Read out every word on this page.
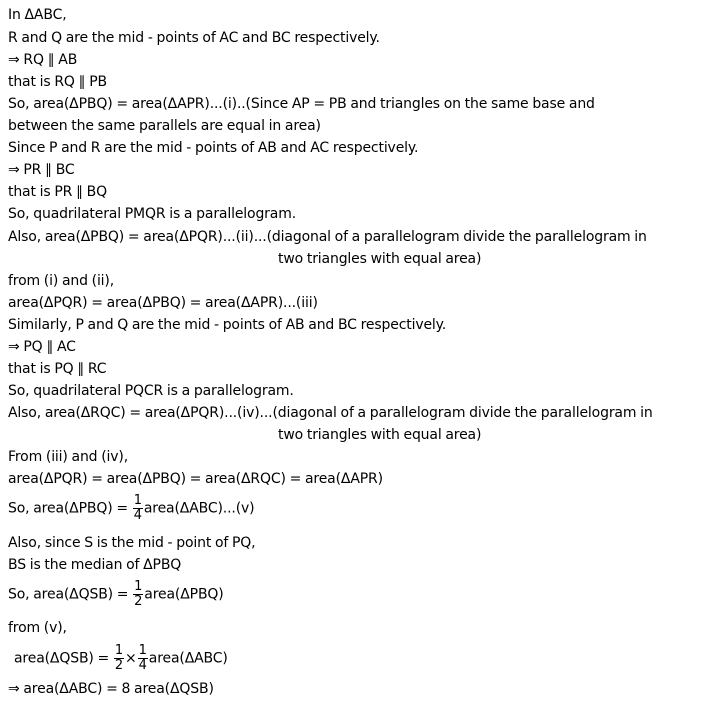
In ΔABC,
R and Q are the mid - points of AC and BC respectively.
⇒ RQ ∥ AB
that is RQ ∥ PB
So, area(ΔPBQ) = area(ΔAPR)...(i)..(Since AP = PB and triangles on the same base and
between the same parallels are equal in area)
Since P and R are the mid - points of AB and AC respectively.
⇒ PR ∥ BC
that is PR ∥ BQ
So, quadrilateral PMQR is a parallelogram.
Also, area(ΔPBQ) = area(ΔPQR)...(ii)...(diagonal of a parallelogram divide the parallelogram in
two triangles with equal area)
from (i) and (ii),
area(ΔPQR) = area(ΔPBQ) = area(ΔAPR)...(iii)
Similarly, P and Q are the mid - points of AB and BC respectively.
⇒ PQ ∥ AC
that is PQ ∥ RC
So, quadrilateral PQCR is a parallelogram.
Also, area(ΔRQC) = area(ΔPQR)...(iv)...(diagonal of a parallelogram divide the parallelogram in
two triangles with equal area)
From (iii) and (iv),
area(ΔPQR) = area(ΔPBQ) = area(ΔRQC) = area(ΔAPR)
So, area(ΔPBQ) = $\frac{1}{4}$ area(ΔABC)...(v)
Also, since S is the mid - point of PQ,
BS is the median of ΔPBQ
So, area(ΔQSB) = $\frac{1}{2}$ area(ΔPBQ)
from (v),
area(ΔQSB) = $\frac{1}{2} \times \frac{1}{4}$ area(ΔABC)
⇒ area(ΔABC) = 8 area(ΔQSB)
